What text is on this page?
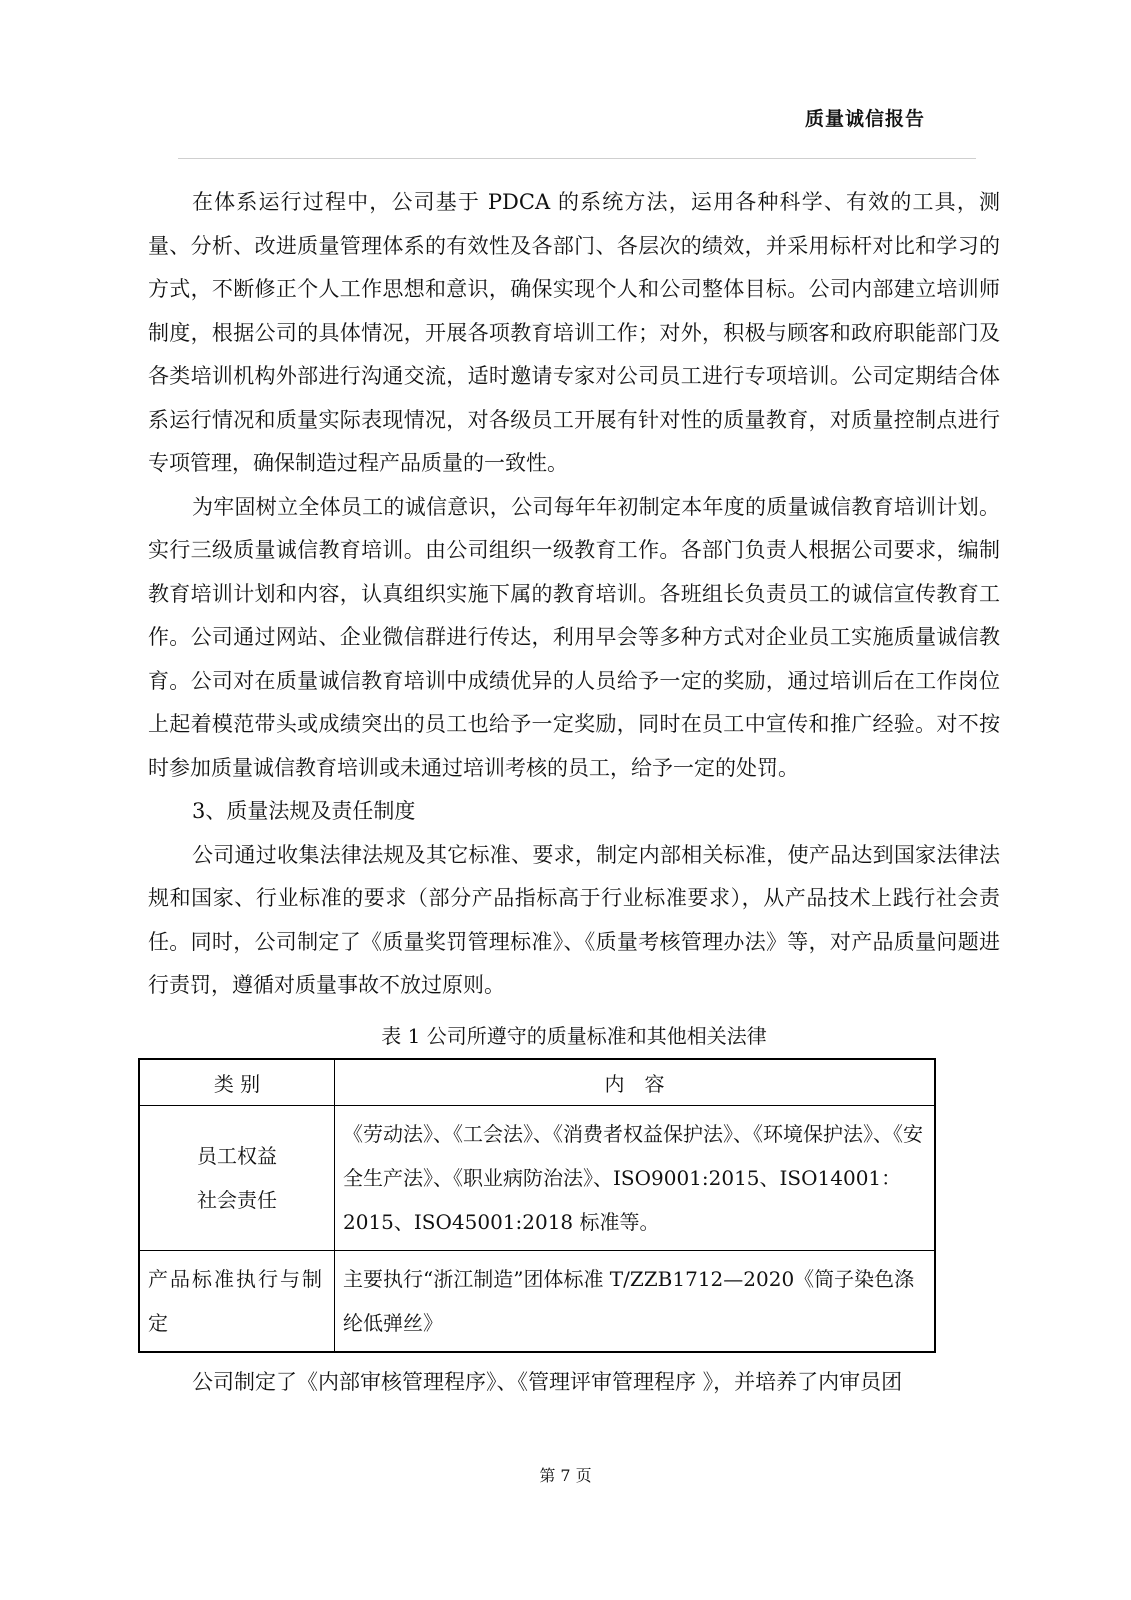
质量诚信报告

在体系运行过程中，公司基于 PDCA 的系统方法，运用各种科学、有效的工具，测量、分析、改进质量管理体系的有效性及各部门、各层次的绩效，并采用标杆对比和学习的方式，不断修正个人工作思想和意识，确保实现个人和公司整体目标。公司内部建立培训师制度，根据公司的具体情况，开展各项教育培训工作；对外，积极与顾客和政府职能部门及各类培训机构外部进行沟通交流，适时邀请专家对公司员工进行专项培训。公司定期结合体系运行情况和质量实际表现情况，对各级员工开展有针对性的质量教育，对质量控制点进行专项管理，确保制造过程产品质量的一致性。

为牢固树立全体员工的诚信意识，公司每年年初制定本年度的质量诚信教育培训计划。实行三级质量诚信教育培训。由公司组织一级教育工作。各部门负责人根据公司要求，编制教育培训计划和内容，认真组织实施下属的教育培训。各班组长负责员工的诚信宣传教育工作。公司通过网站、企业微信群进行传达，利用早会等多种方式对企业员工实施质量诚信教育。公司对在质量诚信教育培训中成绩优异的人员给予一定的奖励，通过培训后在工作岗位上起着模范带头或成绩突出的员工也给予一定奖励，同时在员工中宣传和推广经验。对不按时参加质量诚信教育培训或未通过培训考核的员工，给予一定的处罚。

3、质量法规及责任制度

公司通过收集法律法规及其它标准、要求，制定内部相关标准，使产品达到国家法律法规和国家、行业标准的要求（部分产品指标高于行业标准要求），从产品技术上践行社会责任。同时，公司制定了《质量奖罚管理标准》、《质量考核管理办法》等，对产品质量问题进行责罚，遵循对质量事故不放过原则。

表 1 公司所遵守的质量标准和其他相关法律
类 别	内　容

员工权益
社会责任	《劳动法》、《工会法》、《消费者权益保护法》、《环境保护法》、《安全生产法》、《职业病防治法》、ISO9001:2015、ISO14001：2015、ISO45001:2018 标准等。
产品标准执行与制定	主要执行“浙江制造”团体标准 T/ZZB1712—2020《筒子染色涤纶低弹丝》

公司制定了《内部审核管理程序》、《管理评审管理程序 》，并培养了内审员团

第 7 页
